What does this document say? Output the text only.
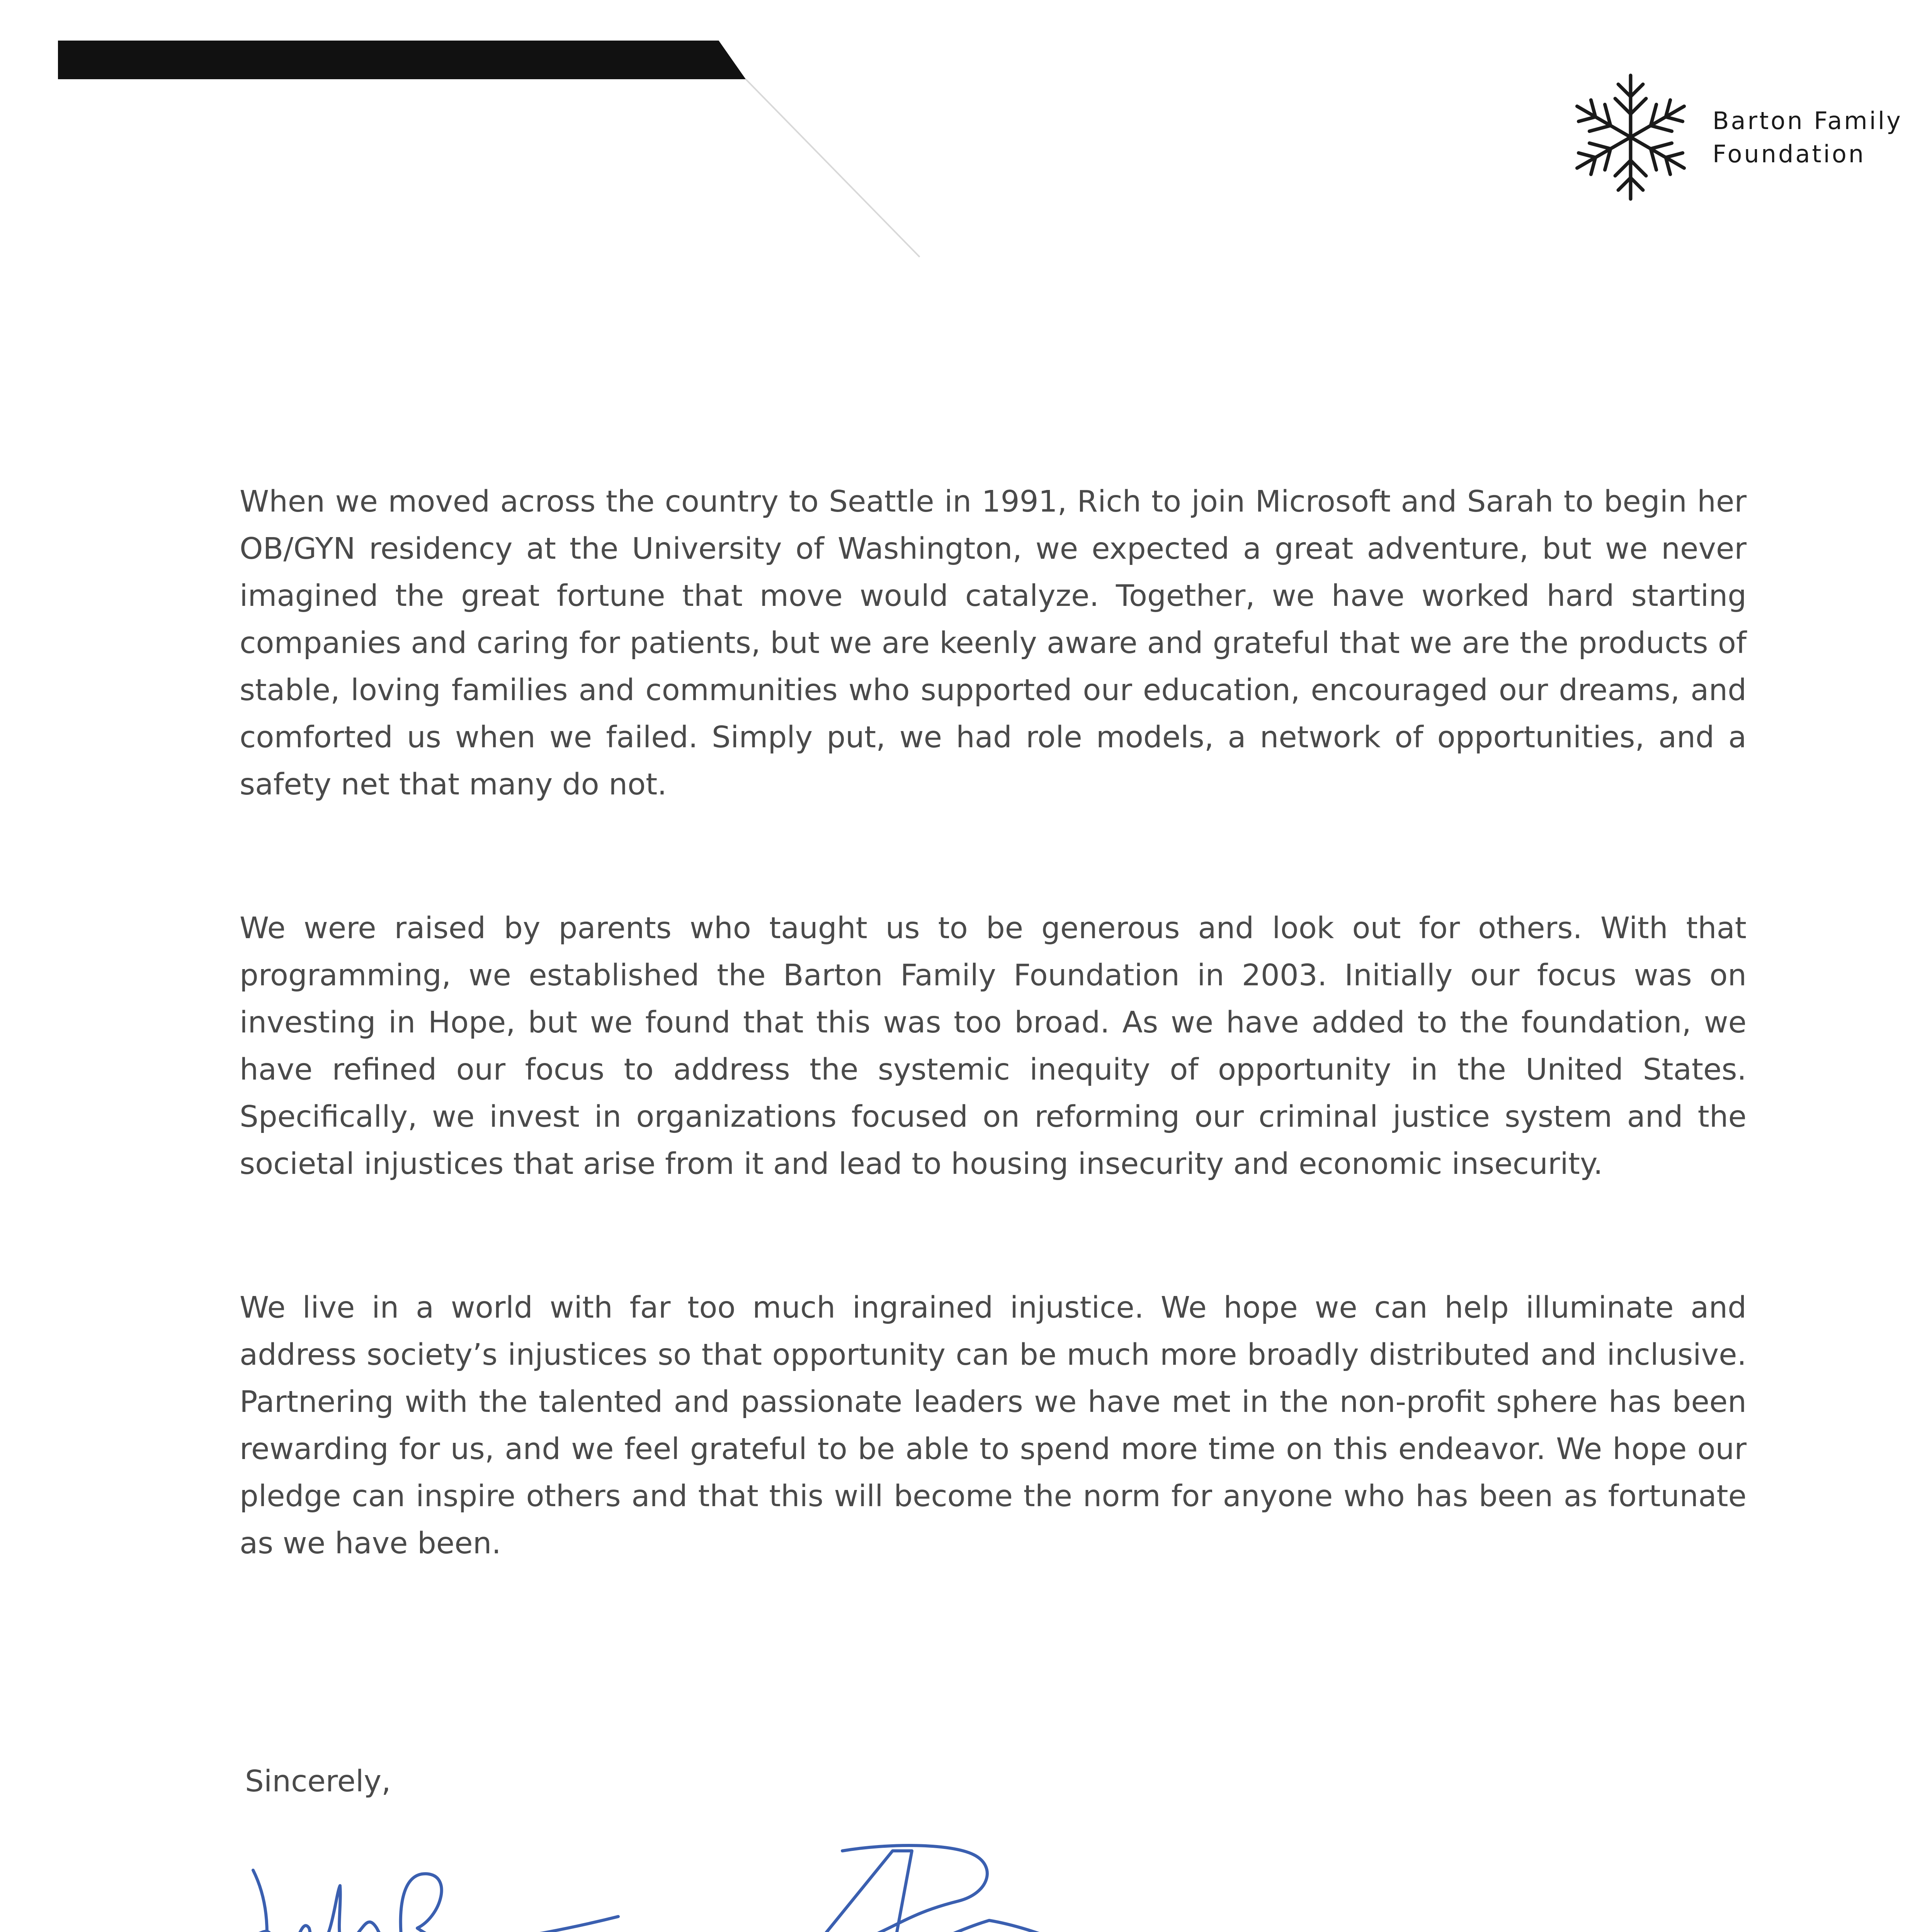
Barton Family
Foundation

When we moved across the country to Seattle in 1991, Rich to join Microsoft and Sarah to begin her OB/GYN residency at the University of Washington, we expected a great adventure, but we never imagined the great fortune that move would catalyze. Together, we have worked hard starting companies and caring for patients, but we are keenly aware and grateful that we are the products of stable, loving families and communities who supported our education, encouraged our dreams, and comforted us when we failed. Simply put, we had role models, a network of opportunities, and a safety net that many do not.

We were raised by parents who taught us to be generous and look out for others. With that programming, we established the Barton Family Foundation in 2003. Initially our focus was on investing in Hope, but we found that this was too broad. As we have added to the foundation, we have refined our focus to address the systemic inequity of opportunity in the United States. Specifically, we invest in organizations focused on reforming our criminal justice system and the societal injustices that arise from it and lead to housing insecurity and economic insecurity.

We live in a world with far too much ingrained injustice. We hope we can help illuminate and address society’s injustices so that opportunity can be much more broadly distributed and inclusive. Partnering with the talented and passionate leaders we have met in the non-profit sphere has been rewarding for us, and we feel grateful to be able to spend more time on this endeavor. We hope our pledge can inspire others and that this will become the norm for anyone who has been as fortunate as we have been.

Sincerely,
